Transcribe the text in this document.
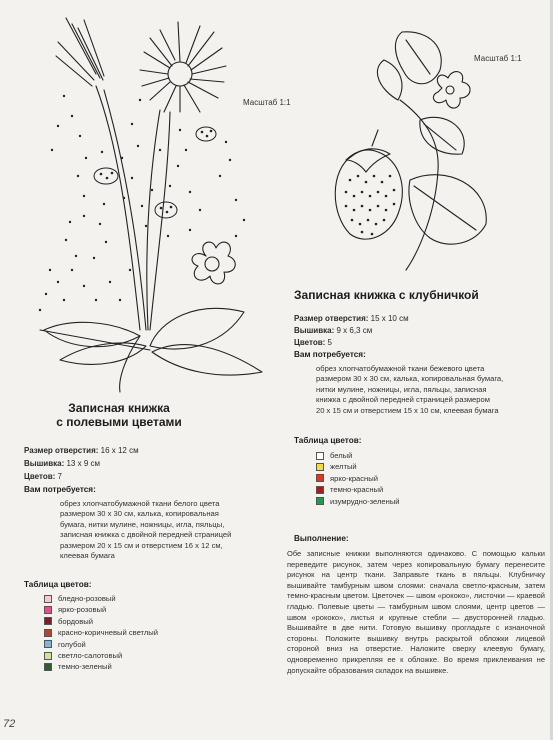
Масштаб 1:1
Масштаб 1:1
Записная книжка с клубничкой
Размер отверстия: 15 х 10 см
Вышивка: 9 х 6,3 см
Цветов: 5
Вам потребуется:
обрез хлопчатобумажной ткани бежевого цвета
размером 30 х 30 см, калька, копировальная бумага,
нитки мулине, ножницы, игла, пяльцы, записная
книжка с двойной передней страницей размером
20 х 15 см и отверстием 15 х 10 см, клеевая бумага
Таблица цветов:
белый
желтый
ярко-красный
темно-красный
изумрудно-зеленый
Выполнение:
Обе записные книжки выполняются одинаково. С помощью кальки переведите рисунок, затем через копировальную бумагу перенесите рисунок на центр ткани. Заправьте ткань в пяльцы. Клубничку вышивайте тамбурным швом слоями: сначала светло-красным, затем темно-красным цветом. Цветочек — швом «рококо», листочки — краевой гладью. Полевые цветы — тамбурным швом слоями, центр цветов — швом «рококо», листья и крупные стебли — двусторонней гладью. Вышивайте в две нити. Готовую вышивку прогладьте с изнаночной стороны. Положите вышивку внутрь раскрытой обложки лицевой стороной вниз на отверстие. Наложите сверху клеевую бумагу, одновременно прикрепляя ее к обложке. Во время приклеивания не допускайте образования складок на вышивке.
Записная книжка
с полевыми цветами
Размер отверстия: 16 х 12 см
Вышивка: 13 х 9 см
Цветов: 7
Вам потребуется:
обрез хлопчатобумажной ткани белого цвета
размером 30 х 30 см, калька, копировальная
бумага, нитки мулине, ножницы, игла, пяльцы,
записная книжка с двойной передней страницей
размером 20 х 15 см и отверстием 16 х 12 см,
клеевая бумага
Таблица цветов:
бледно-розовый
ярко-розовый
бордовый
красно-коричневый светлый
голубой
светло-салотовый
темно-зеленый
72
